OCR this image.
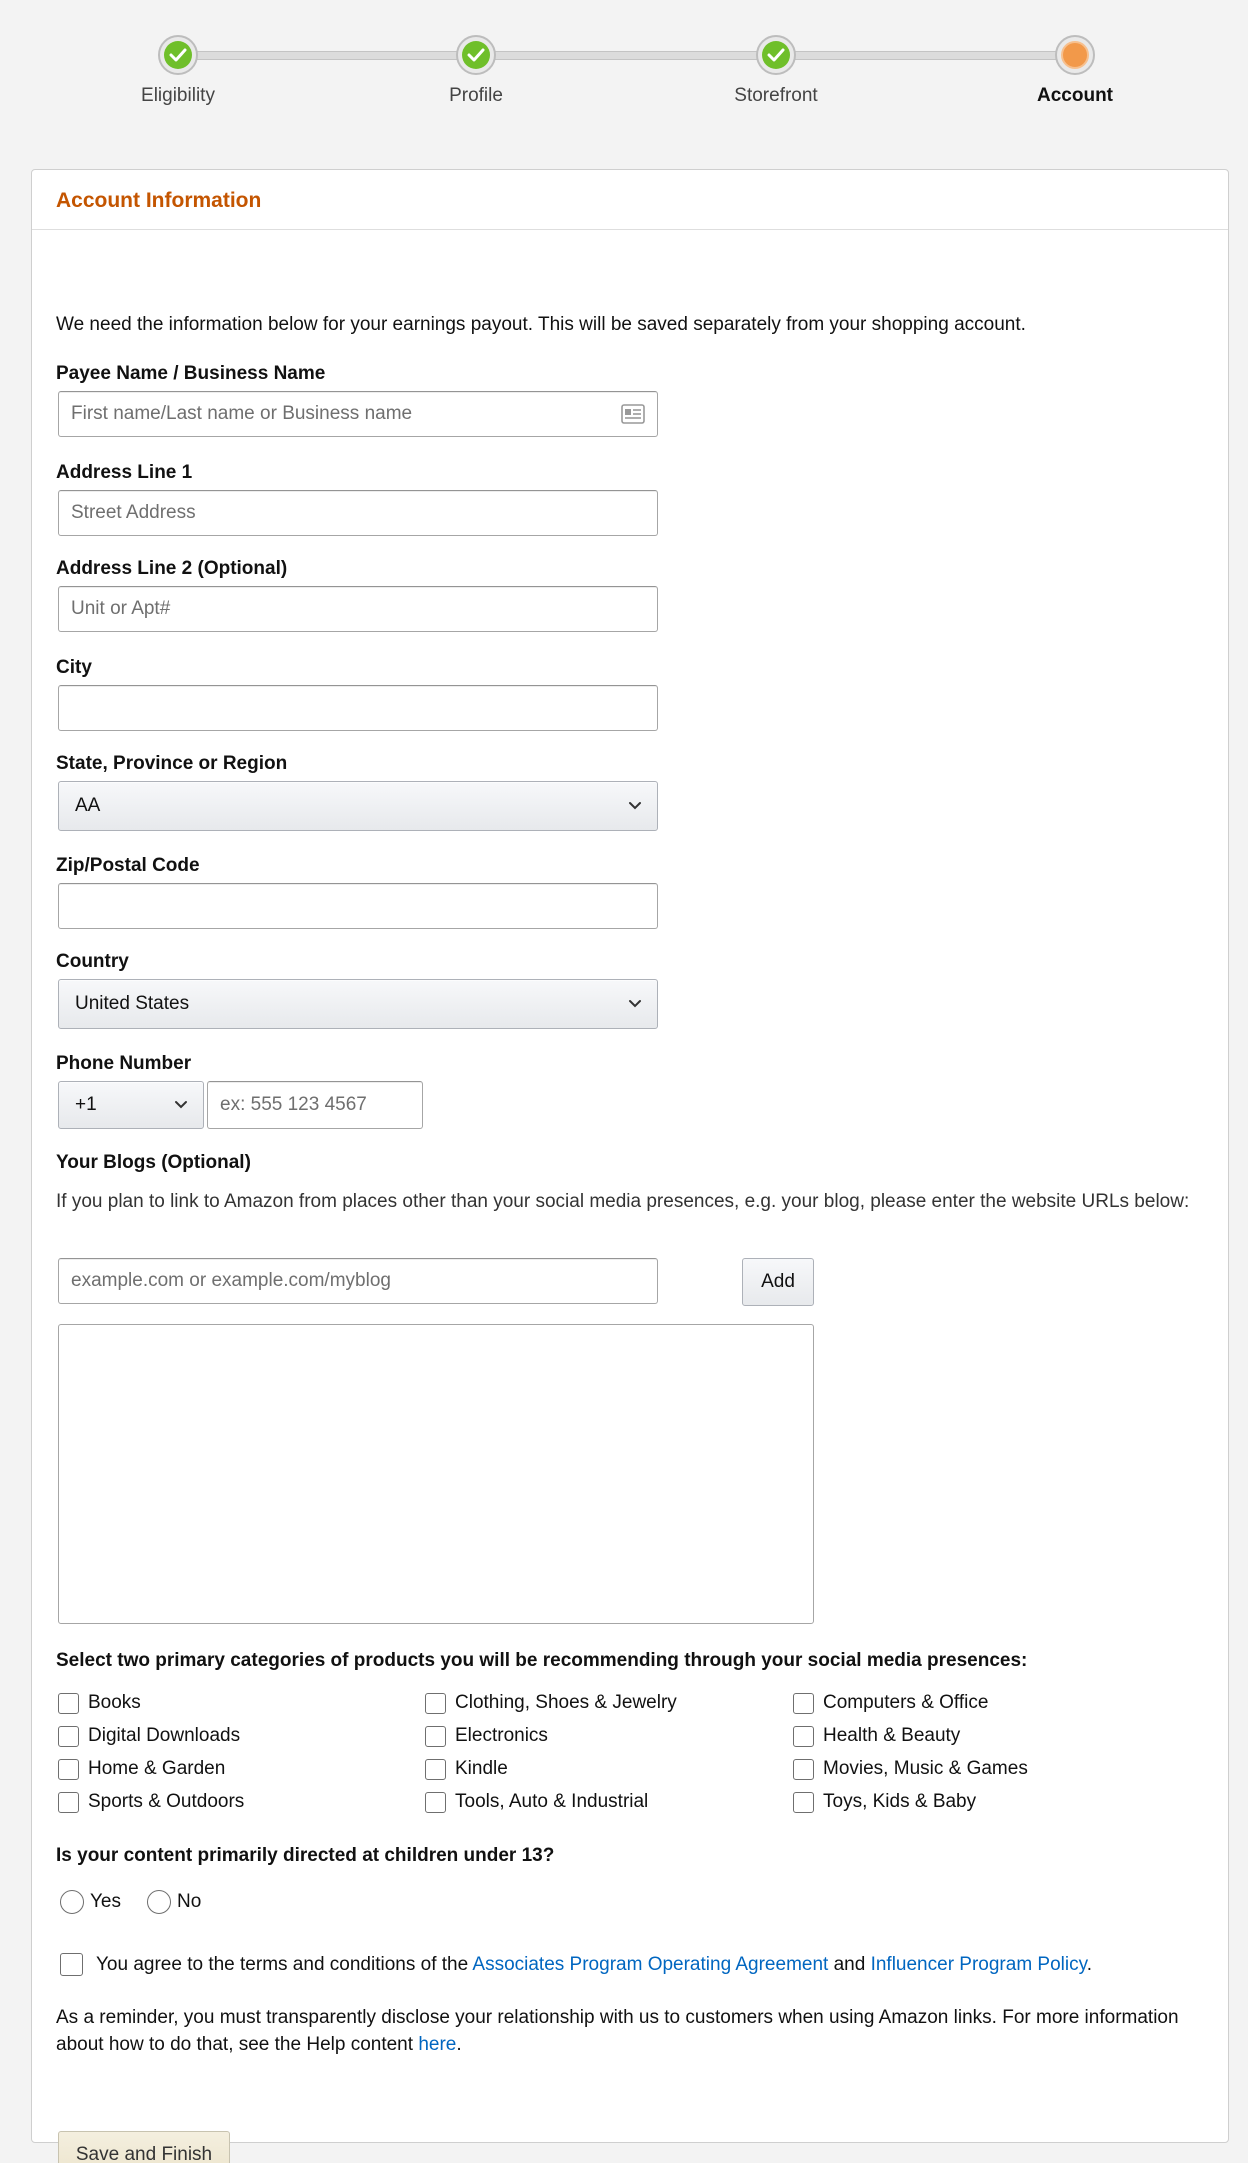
Eligibility	Profile	Storefront	Account
Account Information
We need the information below for your earnings payout. This will be saved separately from your shopping account.
Payee Name / Business Name
First name/Last name or Business name
Address Line 1
Street Address
Address Line 2 (Optional)
Unit or Apt#
City
State, Province or Region
AA
Zip/Postal Code
Country
United States
Phone Number
+1	ex: 555 123 4567
Your Blogs (Optional)
If you plan to link to Amazon from places other than your social media presences, e.g. your blog, please enter the website URLs below:
example.com or example.com/myblog	Add
Select two primary categories of products you will be recommending through your social media presences:
Books	Clothing, Shoes & Jewelry	Computers & Office
Digital Downloads	Electronics	Health & Beauty
Home & Garden	Kindle	Movies, Music & Games
Sports & Outdoors	Tools, Auto & Industrial	Toys, Kids & Baby
Is your content primarily directed at children under 13?
Yes	No
You agree to the terms and conditions of the Associates Program Operating Agreement and Influencer Program Policy.
As a reminder, you must transparently disclose your relationship with us to customers when using Amazon links. For more information about how to do that, see the Help content here.
Save and Finish
